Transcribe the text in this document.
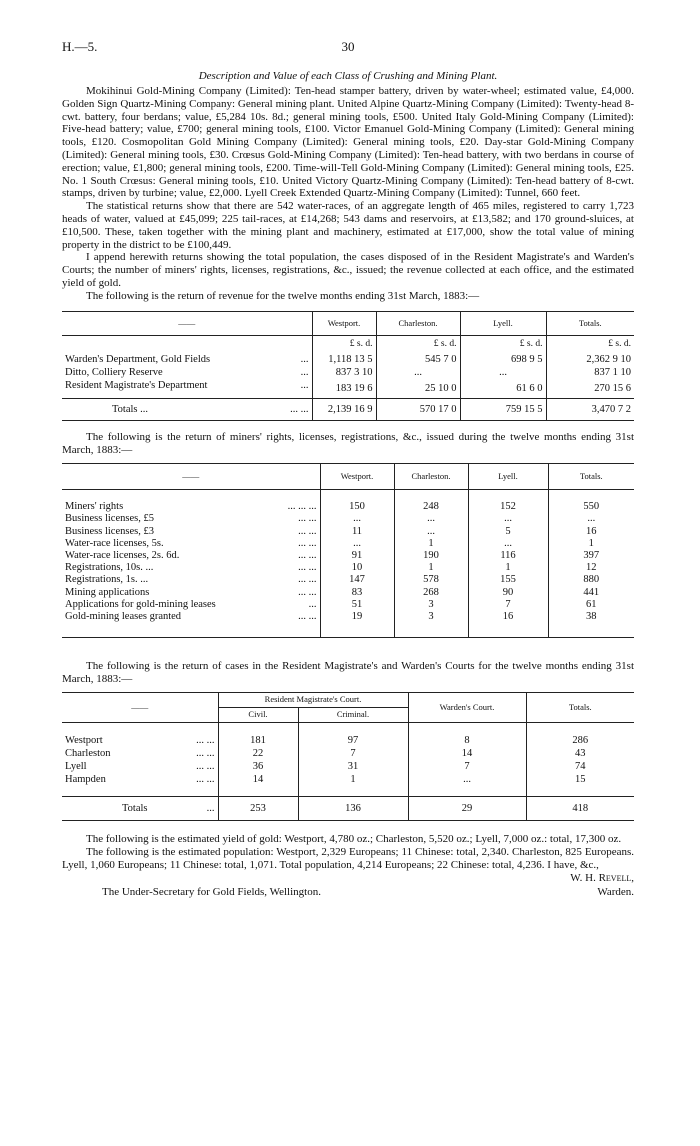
H.—5.	30
Description and Value of each Class of Crushing and Mining Plant.

Mokihinui Gold-Mining Company (Limited): Ten-head stamper battery, driven by water-wheel; estimated value, £4,000. Golden Sign Quartz-Mining Company: General mining plant. United Alpine Quartz-Mining Company (Limited): Twenty-head 8-cwt. battery, four berdans; value, £5,284 10s. 8d.; general mining tools, £500. United Italy Gold-Mining Company (Limited): Five-head battery; value, £700; general mining tools, £100. Victor Emanuel Gold-Mining Company (Limited): General mining tools, £120. Cosmopolitan Gold Mining Company (Limited): General mining tools, £20. Day-star Gold-Mining Company (Limited): General mining tools, £30. Crœsus Gold-Mining Company (Limited): Ten-head battery, with two berdans in course of erection; value, £1,800; general mining tools, £200. Time-will-Tell Gold-Mining Company (Limited): General mining tools, £25. No. 1 South Crœsus: General mining tools, £10. United Victory Quartz-Mining Company (Limited): Ten-head battery of 8-cwt. stamps, driven by turbine; value, £2,000. Lyell Creek Extended Quartz-Mining Company (Limited): Tunnel, 660 feet.

The statistical returns show that there are 542 water-races, of an aggregate length of 465 miles, registered to carry 1,723 heads of water, valued at £45,099; 225 tail-races, at £14,268; 543 dams and reservoirs, at £13,582; and 170 ground-sluices, at £10,500. These, taken together with the mining plant and machinery, estimated at £17,000, show the total value of mining property in the district to be £100,449.

I append herewith returns showing the total population, the cases disposed of in the Resident Magistrate's and Warden's Courts; the number of miners' rights, licenses, registrations, &c., issued; the revenue collected at each office, and the estimated yield of gold.

The following is the return of revenue for the twelve months ending 31st March, 1883:—

——	Westport.	Charleston.	Lyell.	Totals.
	£ s. d.	£ s. d.	£ s. d.	£ s. d.
Warden's Department, Gold Fields ...	1,118 13 5	545 7 0	698 9 5	2,362 9 10
Ditto, Colliery Reserve ...	837 3 10	...	...	837 1 10
Resident Magistrate's Department ...	183 19 6	25 10 0	61 6 0	270 15 6
Totals ... ... ...	2,139 16 9	570 17 0	759 15 5	3,470 7 2

The following is the return of miners' rights, licenses, registrations, &c., issued during the twelve months ending 31st March, 1883:—

——	Westport.	Charleston.	Lyell.	Totals.

Miners' rights ... ... ...	150	248	152	550
Business licenses, £5 ... ...	...	...	...	...
Business licenses, £3 ... ...	11	...	5	16
Water-race licenses, 5s. ... ...	...	1	...	1
Water-race licenses, 2s. 6d. ... ...	91	190	116	397
Registrations, 10s. ... ... ...	10	1	1	12
Registrations, 1s. ... ... ...	147	578	155	880
Mining applications ... ...	83	268	90	441
Applications for gold-mining leases ...	51	3	7	61
Gold-mining leases granted ... ...	19	3	16	38

The following is the return of cases in the Resident Magistrate's and Warden's Courts for the twelve months ending 31st March, 1883:—

——	Resident Magistrate's Court.		Warden's Court.	Totals.
	Civil.	Criminal.		

Westport ... ...	181	97	8	286
Charleston ... ...	22	7	14	43
Lyell ... ...	36	31	7	74
Hampden ... ...	14	1	...	15
Totals ...	253	136	29	418

The following is the estimated yield of gold: Westport, 4,780 oz.; Charleston, 5,520 oz.; Lyell, 7,000 oz.: total, 17,300 oz.

The following is the estimated population: Westport, 2,329 Europeans; 11 Chinese: total, 2,340. Charleston, 825 Europeans. Lyell, 1,060 Europeans; 11 Chinese: total, 1,071. Total population, 4,214 Europeans; 22 Chinese: total, 4,236. I have, &c.,

W. H. Revell,
The Under-Secretary for Gold Fields, Wellington.	Warden.
